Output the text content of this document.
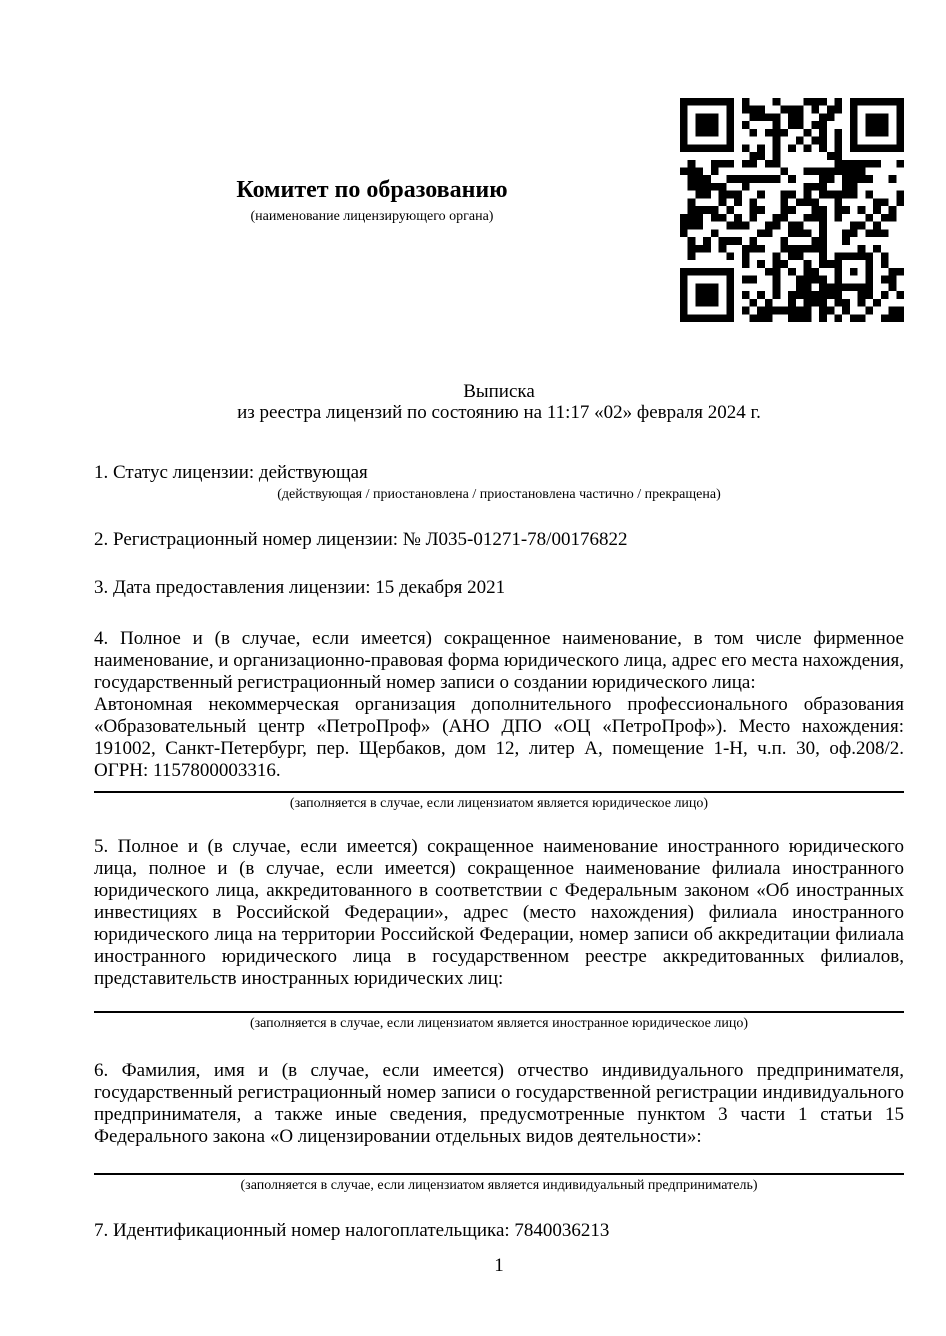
Комитет по образованию
(наименование лицензирующего органа)
Выписка
из реестра лицензий по состоянию на 11:17 «02» февраля 2024 г.
1. Статус лицензии: действующая
(действующая / приостановлена / приостановлена частично / прекращена)
2. Регистрационный номер лицензии: № Л035-01271-78/00176822
3. Дата предоставления лицензии: 15 декабря 2021

4. Полное и (в случае, если имеется) сокращенное наименование, в том числе фирменное наименование, и организационно-правовая форма юридического лица, адрес его места нахождения, государственный регистрационный номер записи о создании юридического лица:

Автономная некоммерческая организация дополнительного профессионального образования «Образовательный центр «ПетроПроф» (АНО ДПО «ОЦ «ПетроПроф»). Место нахождения: 191002, Санкт-Петербург, пер. Щербаков, дом 12, литер А, помещение 1-Н, ч.п. 30, оф.208/2. ОГРН: 1157800003316.

(заполняется в случае, если лицензиатом является юридическое лицо)

5. Полное и (в случае, если имеется) сокращенное наименование иностранного юридического лица, полное и (в случае, если имеется) сокращенное наименование филиала иностранного юридического лица, аккредитованного в соответствии с Федеральным законом «Об иностранных инвестициях в Российской Федерации», адрес (место нахождения) филиала иностранного юридического лица на территории Российской Федерации, номер записи об аккредитации филиала иностранного юридического лица в государственном реестре аккредитованных филиалов, представительств иностранных юридических лиц:

(заполняется в случае, если лицензиатом является иностранное юридическое лицо)

6. Фамилия, имя и (в случае, если имеется) отчество индивидуального предпринимателя, государственный регистрационный номер записи о государственной регистрации индивидуального предпринимателя, а также иные сведения, предусмотренные пунктом 3 части 1 статьи 15 Федерального закона «О лицензировании отдельных видов деятельности»:

(заполняется в случае, если лицензиатом является индивидуальный предприниматель)
7. Идентификационный номер налогоплательщика: 7840036213
1
